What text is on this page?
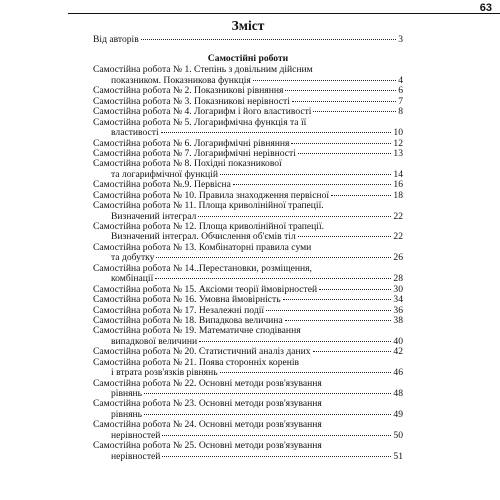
63
Зміст
Від авторів	3
Самостійні роботи
Самостійна робота № 1. Степінь з довільним дійсним
показником. Показникова функція	4
Самостійна робота № 2. Показникові рівняння	6
Самостійна робота № 3. Показникові нерівності	7
Самостійна робота № 4. Логарифм і його властивості	8
Самостійна робота № 5. Логарифмічна функція та її
властивості	10
Самостійна робота № 6. Логарифмічні рівняння	12
Самостійна робота № 7. Логарифмічні нерівності	13
Самостійна робота № 8. Похідні показникової
та логарифмічної функцій	14
Самостійна робота №.9. Первісна	16
Самостійна робота № 10. Правила знаходження первісної	18
Самостійна робота № 11. Площа криволінійної трапеції.
Визначений інтеграл	22
Самостійна робота № 12. Площа криволінійної трапеції.
Визначений інтеграл. Обчислення об'ємів тіл	22
Самостійна робота № 13. Комбінаторні правила суми
та добутку	26
Самостійна робота № 14..Перестановки, розміщення,
комбінації	28
Самостійна робота № 15. Аксіоми теорії ймовірностей	30
Самостійна робота № 16. Умовна ймовірність	34
Самостійна робота № 17. Незалежні події	36
Самостійна робота № 18. Випадкова величина	38
Самостійна робота № 19. Математичне сподівання
випадкової величини	40
Самостійна робота № 20. Статистичний аналіз даних	42
Самостійна робота № 21. Поява сторонніх коренів
і втрата розв'язків рівнянь	46
Самостійна робота № 22. Основні методи розв'язування
рівнянь	48
Самостійна робота № 23. Основні методи розв'язування
рівнянь	49
Самостійна робота № 24. Основні методи розв'язування
нерівностей	50
Самостійна робота № 25. Основні методи розв'язування
нерівностей	51
